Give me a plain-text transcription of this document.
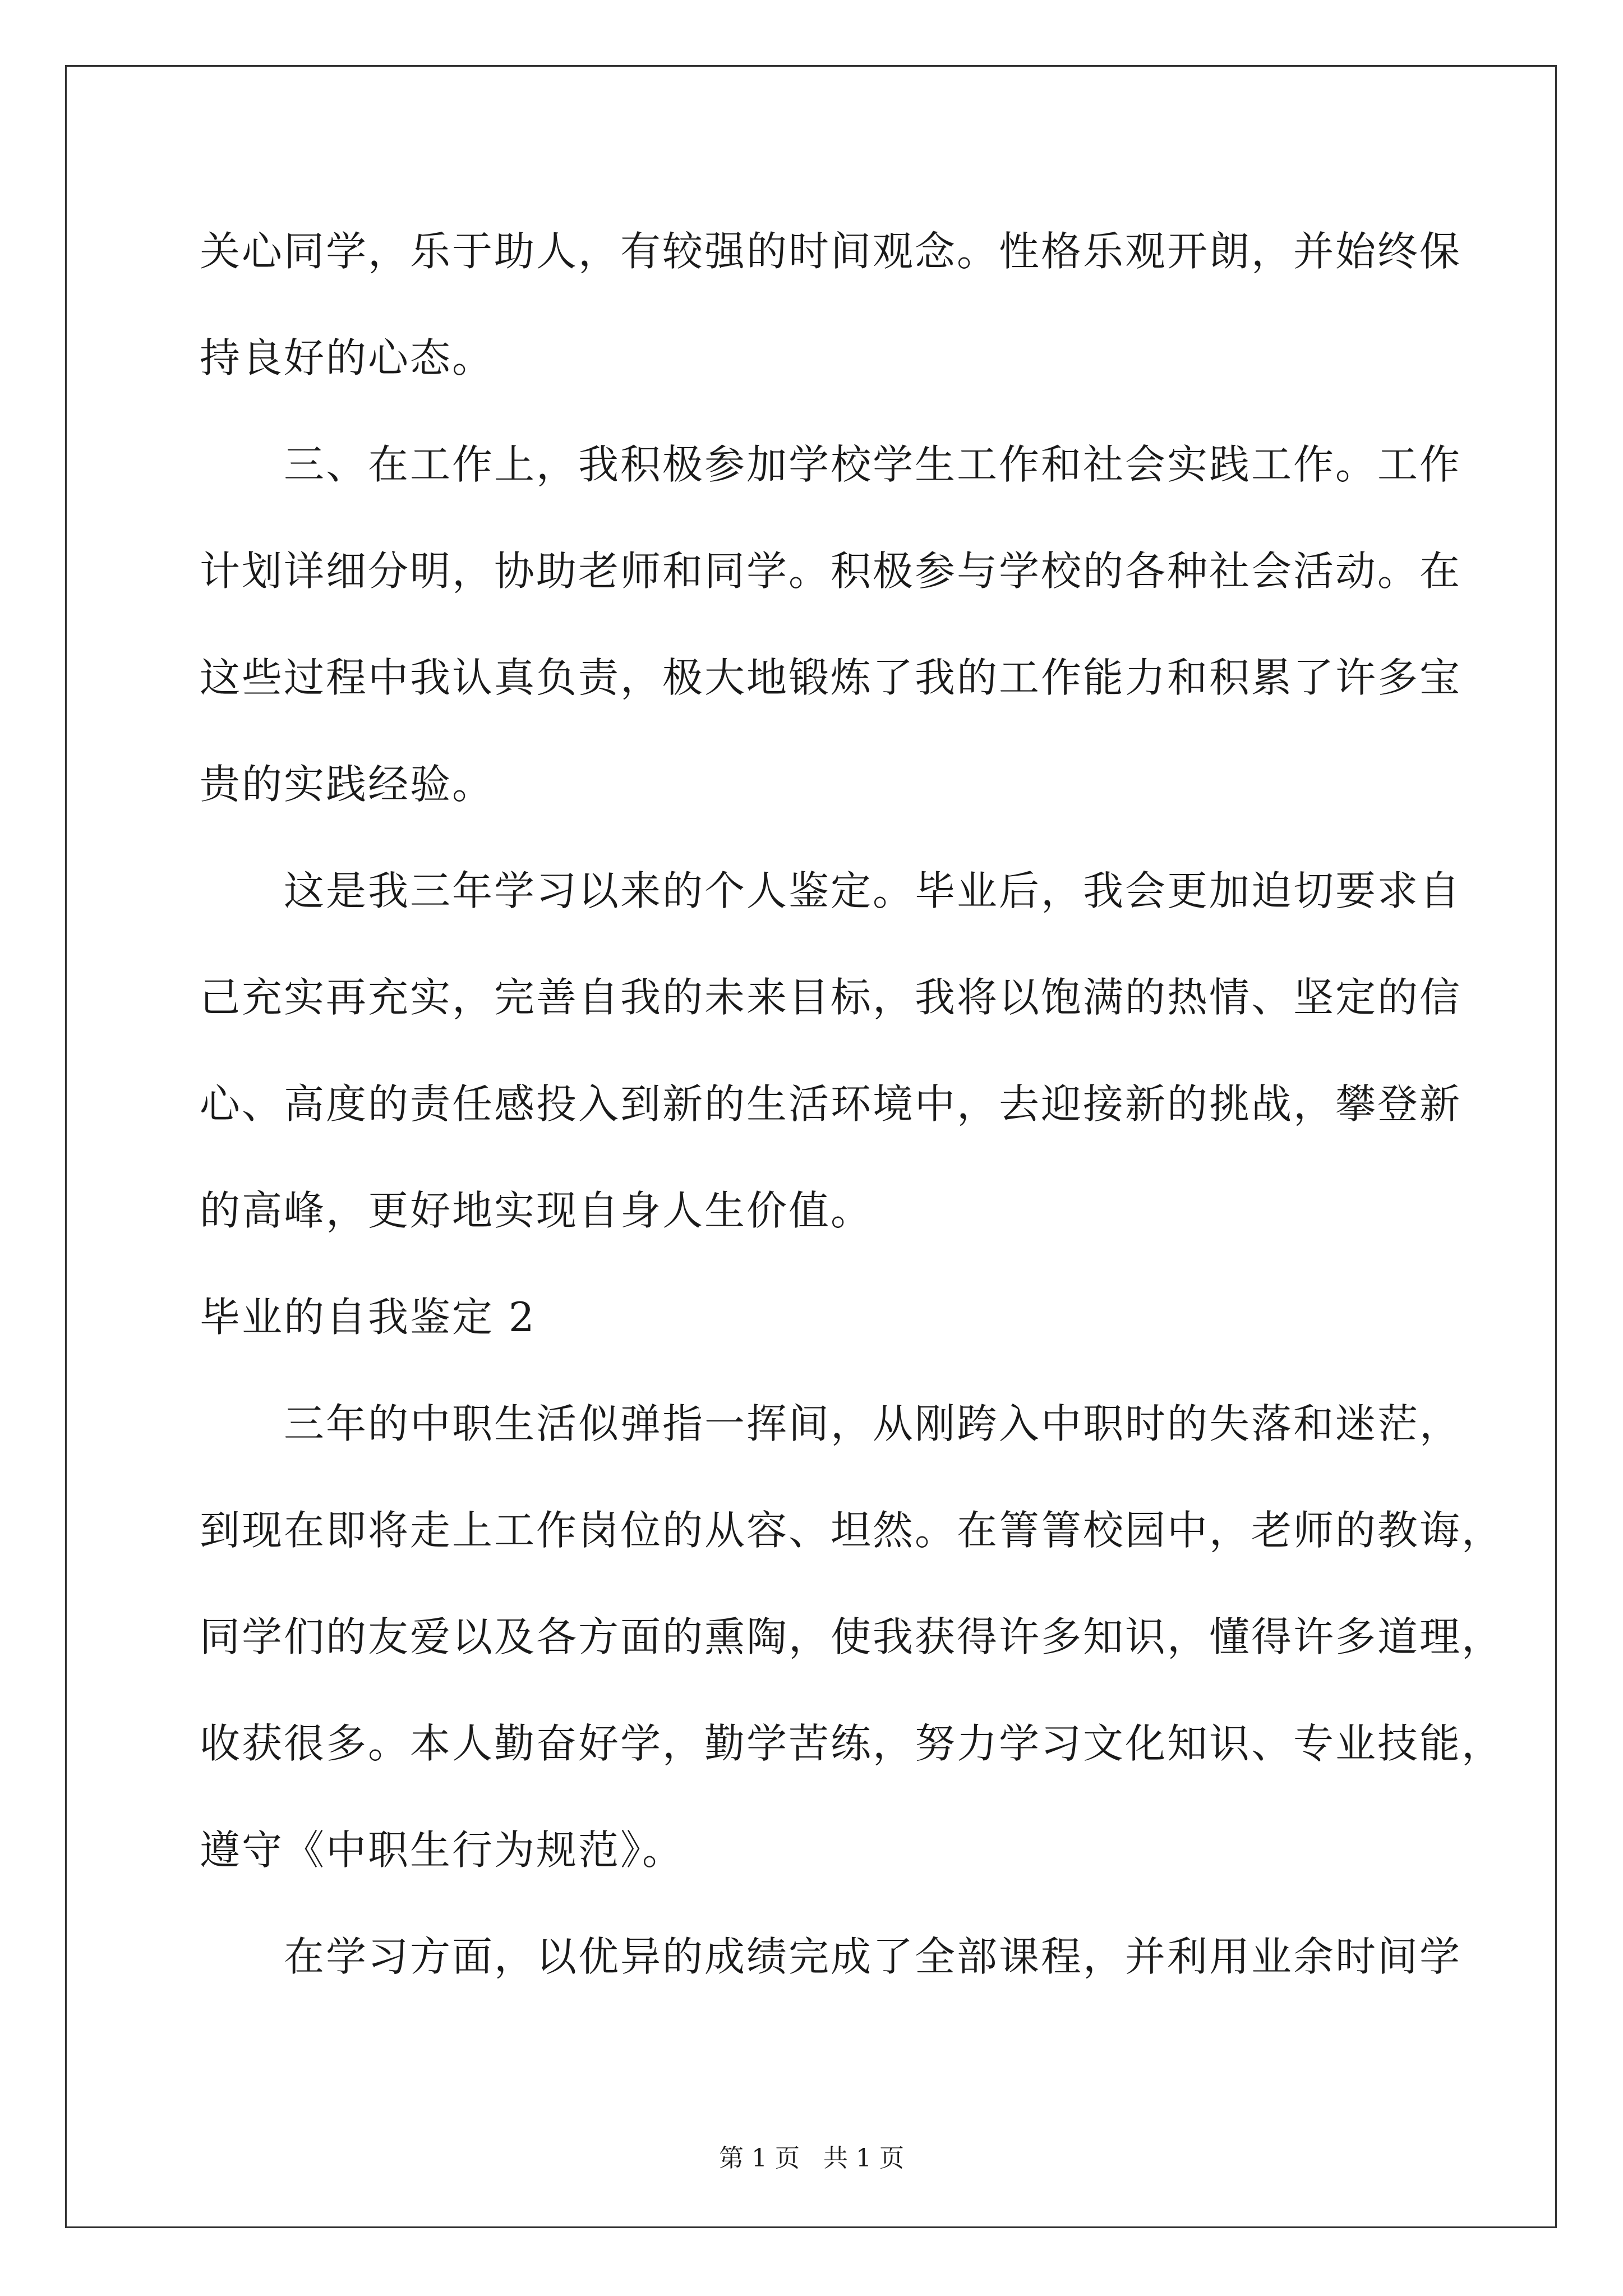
关心同学，乐于助人，有较强的时间观念。性格乐观开朗，并始终保
持良好的心态。
三、在工作上，我积极参加学校学生工作和社会实践工作。工作
计划详细分明，协助老师和同学。积极参与学校的各种社会活动。在
这些过程中我认真负责，极大地锻炼了我的工作能力和积累了许多宝
贵的实践经验。
这是我三年学习以来的个人鉴定。毕业后，我会更加迫切要求自
己充实再充实，完善自我的未来目标，我将以饱满的热情、坚定的信
心、高度的责任感投入到新的生活环境中，去迎接新的挑战，攀登新
的高峰，更好地实现自身人生价值。
毕业的自我鉴定 2
三年的中职生活似弹指一挥间，从刚跨入中职时的失落和迷茫，
到现在即将走上工作岗位的从容、坦然。在箐箐校园中，老师的教诲，
同学们的友爱以及各方面的熏陶，使我获得许多知识，懂得许多道理，
收获很多。本人勤奋好学，勤学苦练，努力学习文化知识、专业技能，
遵守《中职生行为规范》。
在学习方面，以优异的成绩完成了全部课程，并利用业余时间学
第 1 页   共 1 页
